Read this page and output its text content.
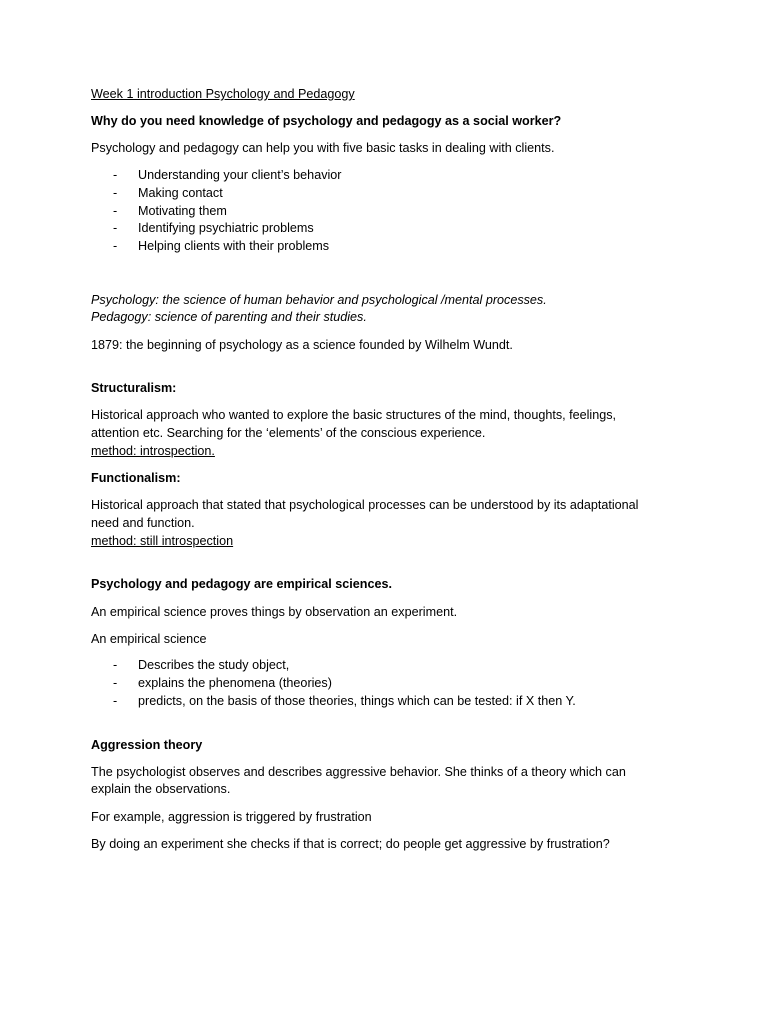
Week 1 introduction Psychology and Pedagogy

Why do you need knowledge of psychology and pedagogy as a social worker?

Psychology and pedagogy can help you with five basic tasks in dealing with clients.

- Understanding your client’s behavior
- Making contact
- Motivating them
- Identifying psychiatric problems
- Helping clients with their problems

Psychology: the science of human behavior and psychological /mental processes.

Pedagogy: science of parenting and their studies.

1879: the beginning of psychology as a science founded by Wilhelm Wundt.

Structuralism:

Historical approach who wanted to explore the basic structures of the mind, thoughts, feelings,

attention etc. Searching for the ‘elements’ of the conscious experience.

method: introspection.

Functionalism:

Historical approach that stated that psychological processes can be understood by its adaptational

need and function.

method: still introspection

Psychology and pedagogy are empirical sciences.

An empirical science proves things by observation an experiment.

An empirical science

- Describes the study object,
- explains the phenomena (theories)
- predicts, on the basis of those theories, things which can be tested: if X then Y.

Aggression theory

The psychologist observes and describes aggressive behavior. She thinks of a theory which can

explain the observations.

For example, aggression is triggered by frustration

By doing an experiment she checks if that is correct; do people get aggressive by frustration?
